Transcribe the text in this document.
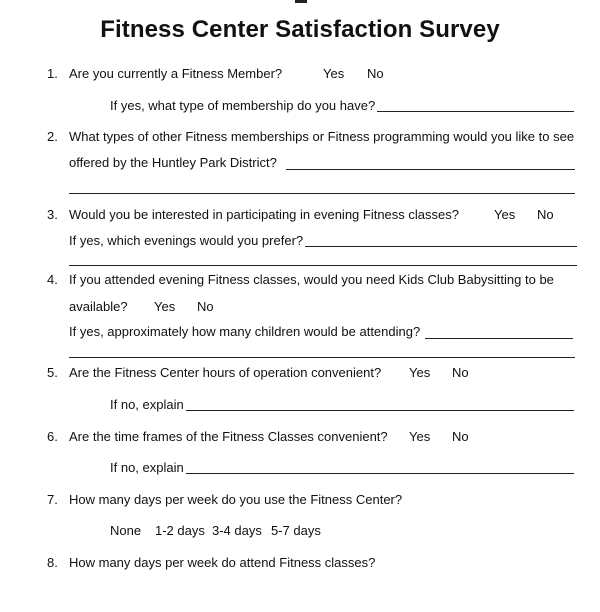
Fitness Center Satisfaction Survey
1. Are you currently a Fitness Member?	Yes No
If yes, what type of membership do you have?
2. What types of other Fitness memberships or Fitness programming would you like to see
offered by the Huntley Park District?
3. Would you be interested in participating in evening Fitness classes?	Yes No
If yes, which evenings would you prefer?
4. If you attended evening Fitness classes, would you need Kids Club Babysitting to be
available? Yes No
If yes, approximately how many children would be attending?
5. Are the Fitness Center hours of operation convenient? Yes No
If no, explain
6. Are the time frames of the Fitness Classes convenient? Yes No
If no, explain
7. How many days per week do you use the Fitness Center?
None 1-2 days 3-4 days 5-7 days
8. How many days per week do attend Fitness classes?
